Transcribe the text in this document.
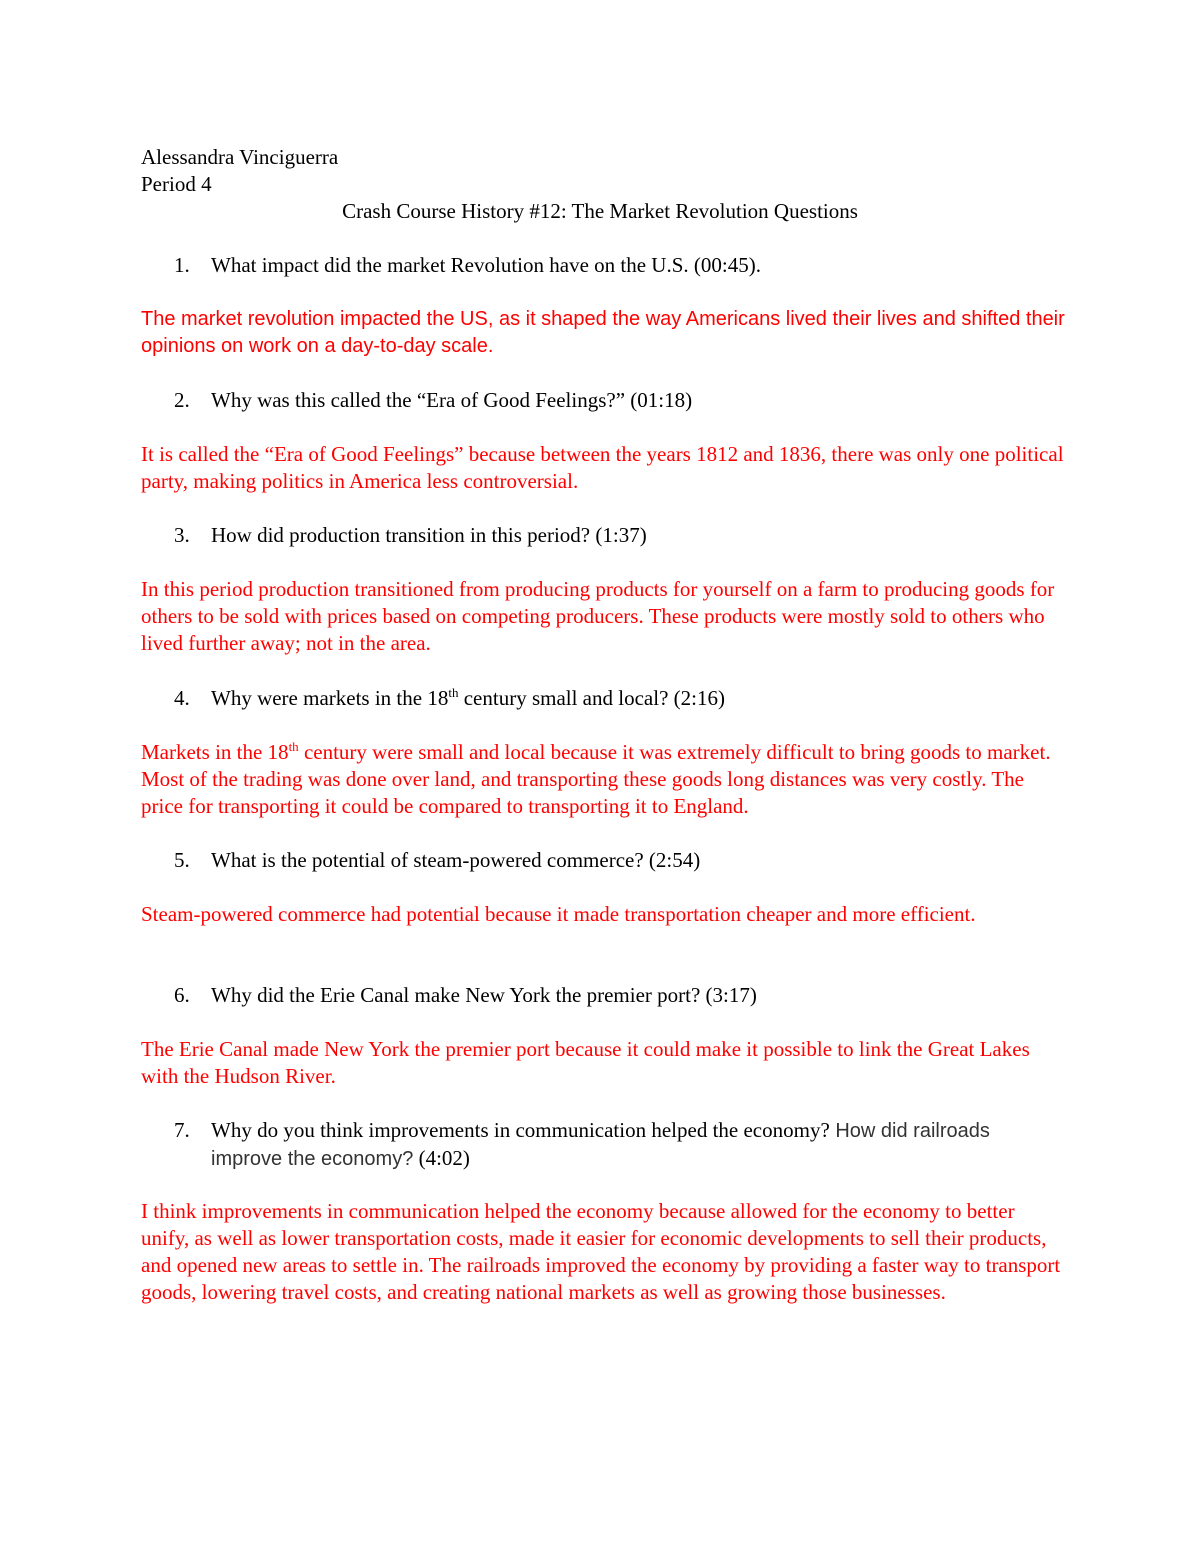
Alessandra Vinciguerra
Period 4
Crash Course History #12: The Market Revolution Questions
1. What impact did the market Revolution have on the U.S. (00:45).
The market revolution impacted the US, as it shaped the way Americans lived their lives and shifted their opinions on work on a day-to-day scale.
2. Why was this called the “Era of Good Feelings?” (01:18)
It is called the “Era of Good Feelings” because between the years 1812 and 1836, there was only one political party, making politics in America less controversial.
3. How did production transition in this period? (1:37)
In this period production transitioned from producing products for yourself on a farm to producing goods for others to be sold with prices based on competing producers. These products were mostly sold to others who lived further away; not in the area.
4. Why were markets in the 18th century small and local? (2:16)
Markets in the 18th century were small and local because it was extremely difficult to bring goods to market. Most of the trading was done over land, and transporting these goods long distances was very costly. The price for transporting it could be compared to transporting it to England.
5. What is the potential of steam-powered commerce? (2:54)
Steam-powered commerce had potential because it made transportation cheaper and more efficient.
6. Why did the Erie Canal make New York the premier port? (3:17)
The Erie Canal made New York the premier port because it could make it possible to link the Great Lakes with the Hudson River.
7. Why do you think improvements in communication helped the economy? How did railroads improve the economy? (4:02)
I think improvements in communication helped the economy because allowed for the economy to better unify, as well as lower transportation costs, made it easier for economic developments to sell their products, and opened new areas to settle in. The railroads improved the economy by providing a faster way to transport goods, lowering travel costs, and creating national markets as well as growing those businesses.
